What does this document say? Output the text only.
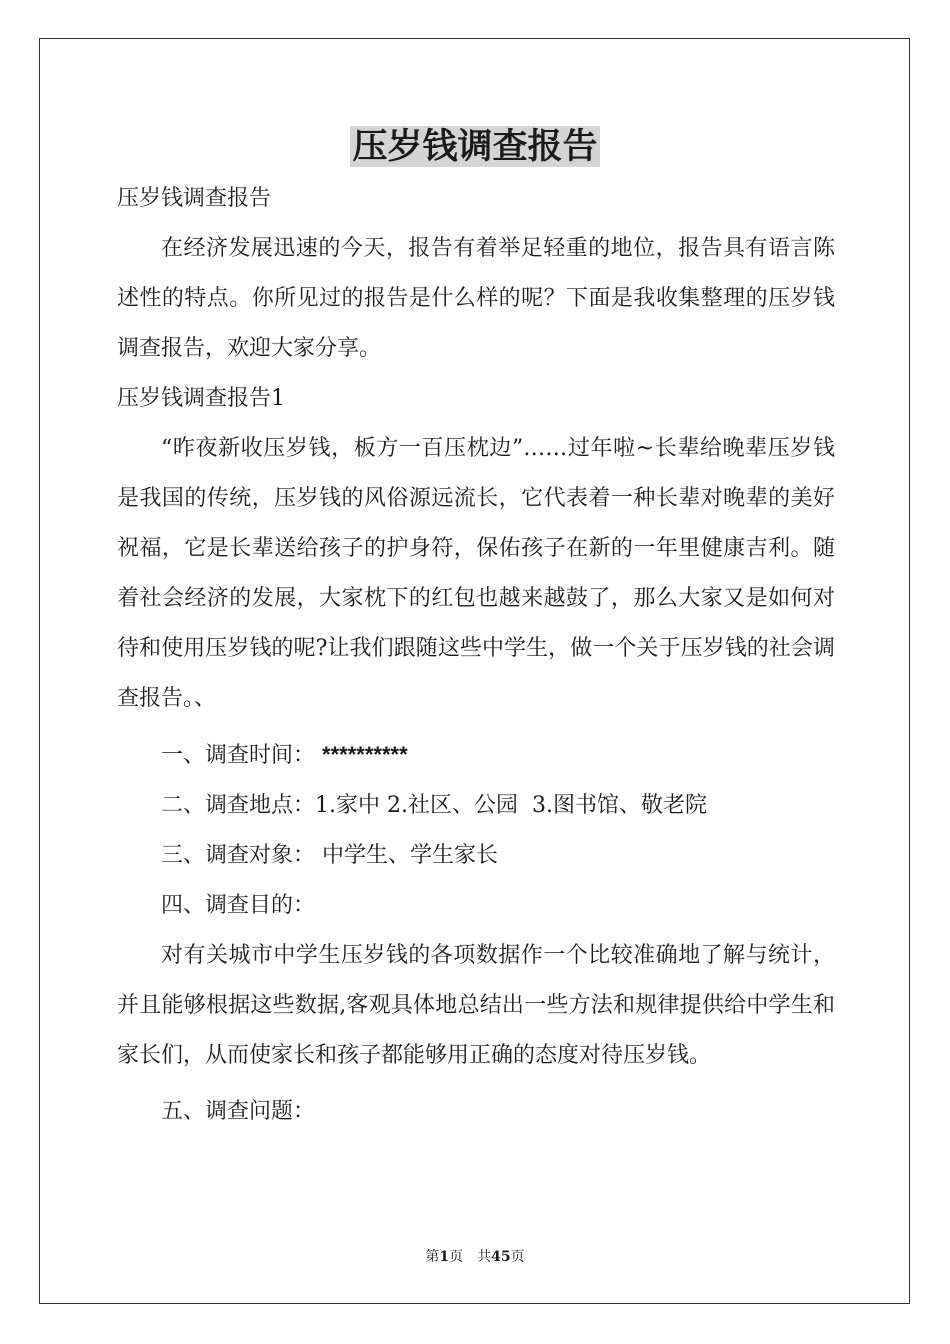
压岁钱调查报告

压岁钱调查报告

在经济发展迅速的今天，报告有着举足轻重的地位，报告具有语言陈述性的特点。你所见过的报告是什么样的呢？下面是我收集整理的压岁钱调查报告，欢迎大家分享。

压岁钱调查报告1

“昨夜新收压岁钱，板方一百压枕边”……过年啦~长辈给晚辈压岁钱是我国的传统，压岁钱的风俗源远流长，它代表着一种长辈对晚辈的美好祝福，它是长辈送给孩子的护身符，保佑孩子在新的一年里健康吉利。随着社会经济的发展，大家枕下的红包也越来越鼓了，那么大家又是如何对待和使用压岁钱的呢?让我们跟随这些中学生，做一个关于压岁钱的社会调查报告。、

一、调查时间： **********

二、调查地点：1.家中 2.社区、公园  3.图书馆、敬老院

三、调查对象： 中学生、学生家长

四、调查目的：

对有关城市中学生压岁钱的各项数据作一个比较准确地了解与统计，并且能够根据这些数据,客观具体地总结出一些方法和规律提供给中学生和家长们，从而使家长和孩子都能够用正确的态度对待压岁钱。

五、调查问题：

第1页　共45页
